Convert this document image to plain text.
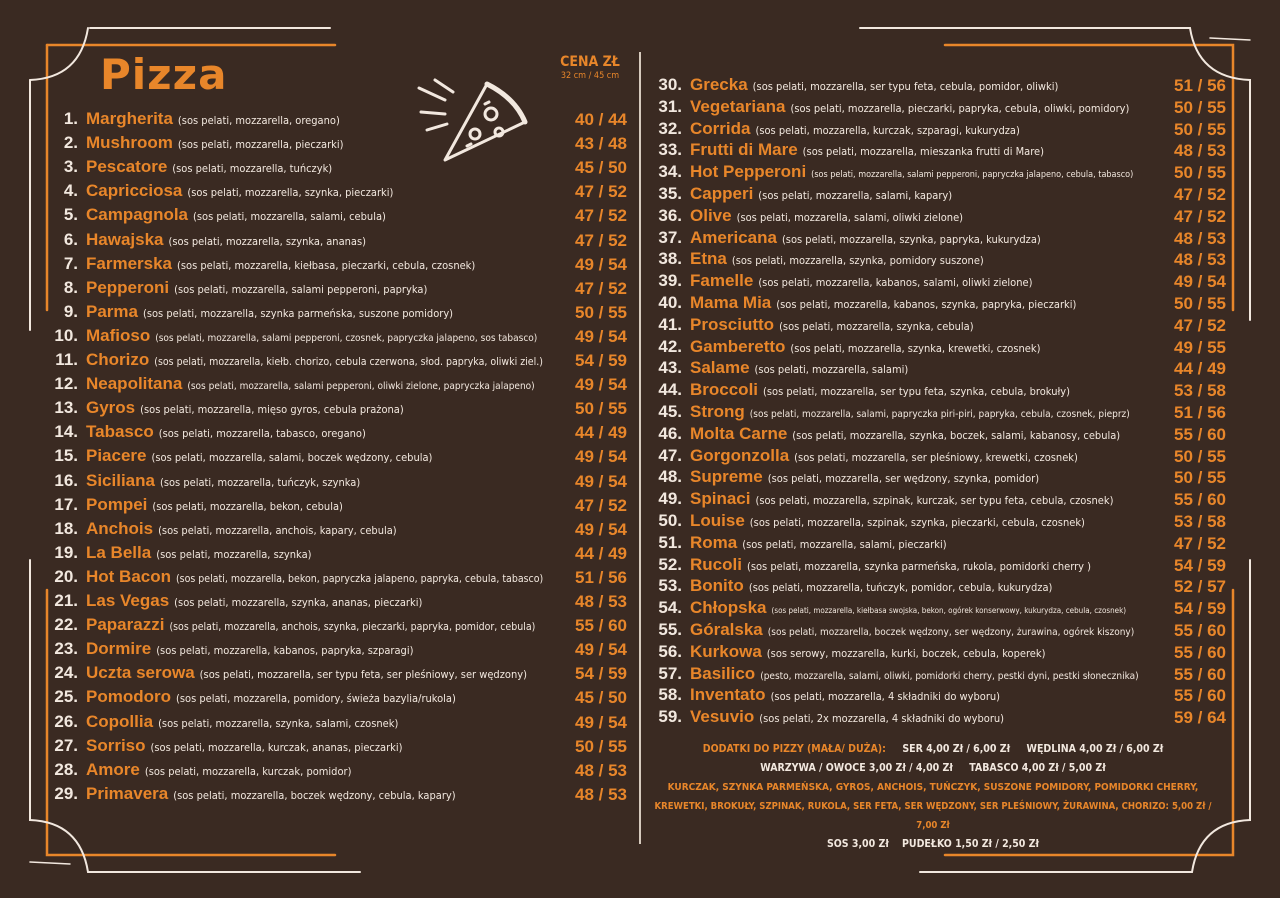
Pizza	CENA ZŁ
32 cm / 45 cm
1. Margherita (sos pelati, mozzarella, oregano)	40 / 44
2. Mushroom (sos pelati, mozzarella, pieczarki)	43 / 48
3. Pescatore (sos pelati, mozzarella, tuńczyk)	45 / 50
4. Capricciosa (sos pelati, mozzarella, szynka, pieczarki)	47 / 52
5. Campagnola (sos pelati, mozzarella, salami, cebula)	47 / 52
6. Hawajska (sos pelati, mozzarella, szynka, ananas)	47 / 52
7. Farmerska (sos pelati, mozzarella, kiełbasa, pieczarki, cebula, czosnek)	49 / 54
8. Pepperoni (sos pelati, mozzarella, salami pepperoni, papryka)	47 / 52
9. Parma (sos pelati, mozzarella, szynka parmeńska, suszone pomidory)	50 / 55
10. Mafioso (sos pelati, mozzarella, salami pepperoni, czosnek, papryczka jalapeno, sos tabasco)	49 / 54
11. Chorizo (sos pelati, mozzarella, kiełb. chorizo, cebula czerwona, słod. papryka, oliwki ziel.)	54 / 59
12. Neapolitana (sos pelati, mozzarella, salami pepperoni, oliwki zielone, papryczka jalapeno)	49 / 54
13. Gyros (sos pelati, mozzarella, mięso gyros, cebula prażona)	50 / 55
14. Tabasco (sos pelati, mozzarella, tabasco, oregano)	44 / 49
15. Piacere (sos pelati, mozzarella, salami, boczek wędzony, cebula)	49 / 54
16. Siciliana (sos pelati, mozzarella, tuńczyk, szynka)	49 / 54
17. Pompei (sos pelati, mozzarella, bekon, cebula)	47 / 52
18. Anchois (sos pelati, mozzarella, anchois, kapary, cebula)	49 / 54
19. La Bella (sos pelati, mozzarella, szynka)	44 / 49
20. Hot Bacon (sos pelati, mozzarella, bekon, papryczka jalapeno, papryka, cebula, tabasco)	51 / 56
21. Las Vegas (sos pelati, mozzarella, szynka, ananas, pieczarki)	48 / 53
22. Paparazzi (sos pelati, mozzarella, anchois, szynka, pieczarki, papryka, pomidor, cebula)	55 / 60
23. Dormire (sos pelati, mozzarella, kabanos, papryka, szparagi)	49 / 54
24. Uczta serowa (sos pelati, mozzarella, ser typu feta, ser pleśniowy, ser wędzony)	54 / 59
25. Pomodoro (sos pelati, mozzarella, pomidory, świeża bazylia/rukola)	45 / 50
26. Copollia (sos pelati, mozzarella, szynka, salami, czosnek)	49 / 54
27. Sorriso (sos pelati, mozzarella, kurczak, ananas, pieczarki)	50 / 55
28. Amore (sos pelati, mozzarella, kurczak, pomidor)	48 / 53
29. Primavera (sos pelati, mozzarella, boczek wędzony, cebula, kapary)	48 / 53
30. Grecka (sos pelati, mozzarella, ser typu feta, cebula, pomidor, oliwki)	51 / 56
31. Vegetariana (sos pelati, mozzarella, pieczarki, papryka, cebula, oliwki, pomidory)	50 / 55
32. Corrida (sos pelati, mozzarella, kurczak, szparagi, kukurydza)	50 / 55
33. Frutti di Mare (sos pelati, mozzarella, mieszanka frutti di Mare)	48 / 53
34. Hot Pepperoni (sos pelati, mozzarella, salami pepperoni, papryczka jalapeno, cebula, tabasco)	50 / 55
35. Capperi (sos pelati, mozzarella, salami, kapary)	47 / 52
36. Olive (sos pelati, mozzarella, salami, oliwki zielone)	47 / 52
37. Americana (sos pelati, mozzarella, szynka, papryka, kukurydza)	48 / 53
38. Etna (sos pelati, mozzarella, szynka, pomidory suszone)	48 / 53
39. Famelle (sos pelati, mozzarella, kabanos, salami, oliwki zielone)	49 / 54
40. Mama Mia (sos pelati, mozzarella, kabanos, szynka, papryka, pieczarki)	50 / 55
41. Prosciutto (sos pelati, mozzarella, szynka, cebula)	47 / 52
42. Gamberetto (sos pelati, mozzarella, szynka, krewetki, czosnek)	49 / 55
43. Salame (sos pelati, mozzarella, salami)	44 / 49
44. Broccoli (sos pelati, mozzarella, ser typu feta, szynka, cebula, brokuły)	53 / 58
45. Strong (sos pelati, mozzarella, salami, papryczka piri-piri, papryka, cebula, czosnek, pieprz)	51 / 56
46. Molta Carne (sos pelati, mozzarella, szynka, boczek, salami, kabanosy, cebula)	55 / 60
47. Gorgonzolla (sos pelati, mozzarella, ser pleśniowy, krewetki, czosnek)	50 / 55
48. Supreme (sos pelati, mozzarella, ser wędzony, szynka, pomidor)	50 / 55
49. Spinaci (sos pelati, mozzarella, szpinak, kurczak, ser typu feta, cebula, czosnek)	55 / 60
50. Louise (sos pelati, mozzarella, szpinak, szynka, pieczarki, cebula, czosnek)	53 / 58
51. Roma (sos pelati, mozzarella, salami, pieczarki)	47 / 52
52. Rucoli (sos pelati, mozzarella, szynka parmeńska, rukola, pomidorki cherry )	54 / 59
53. Bonito (sos pelati, mozzarella, tuńczyk, pomidor, cebula, kukurydza)	52 / 57
54. Chłopska (sos pelati, mozzarella, kiełbasa swojska, bekon, ogórek konserwowy, kukurydza, cebula, czosnek)	54 / 59
55. Góralska (sos pelati, mozzarella, boczek wędzony, ser wędzony, żurawina, ogórek kiszony)	55 / 60
56. Kurkowa (sos serowy, mozzarella, kurki, boczek, cebula, koperek)	55 / 60
57. Basilico (pesto, mozzarella, salami, oliwki, pomidorki cherry, pestki dyni, pestki słonecznika)	55 / 60
58. Inventato (sos pelati, mozzarella, 4 składniki do wyboru)	55 / 60
59. Vesuvio (sos pelati, 2x mozzarella, 4 składniki do wyboru)	59 / 64
DODATKI DO PIZZY (MAŁA/ DUŻA): SER 4,00 Zł / 6,00 Zł WĘDLINA 4,00 Zł / 6,00 Zł
WARZYWA / OWOCE 3,00 Zł / 4,00 Zł TABASCO 4,00 Zł / 5,00 Zł
KURCZAK, SZYNKA PARMEŃSKA, GYROS, ANCHOIS, TUŃCZYK, SUSZONE POMIDORY, POMIDORKI CHERRY,
KREWETKI, BROKUŁY, SZPINAK, RUKOLA, SER FETA, SER WĘDZONY, SER PLEŚNIOWY, ŻURAWINA, CHORIZO: 5,00 Zł / 7,00 Zł
SOS 3,00 Zł PUDEŁKO 1,50 Zł / 2,50 Zł
